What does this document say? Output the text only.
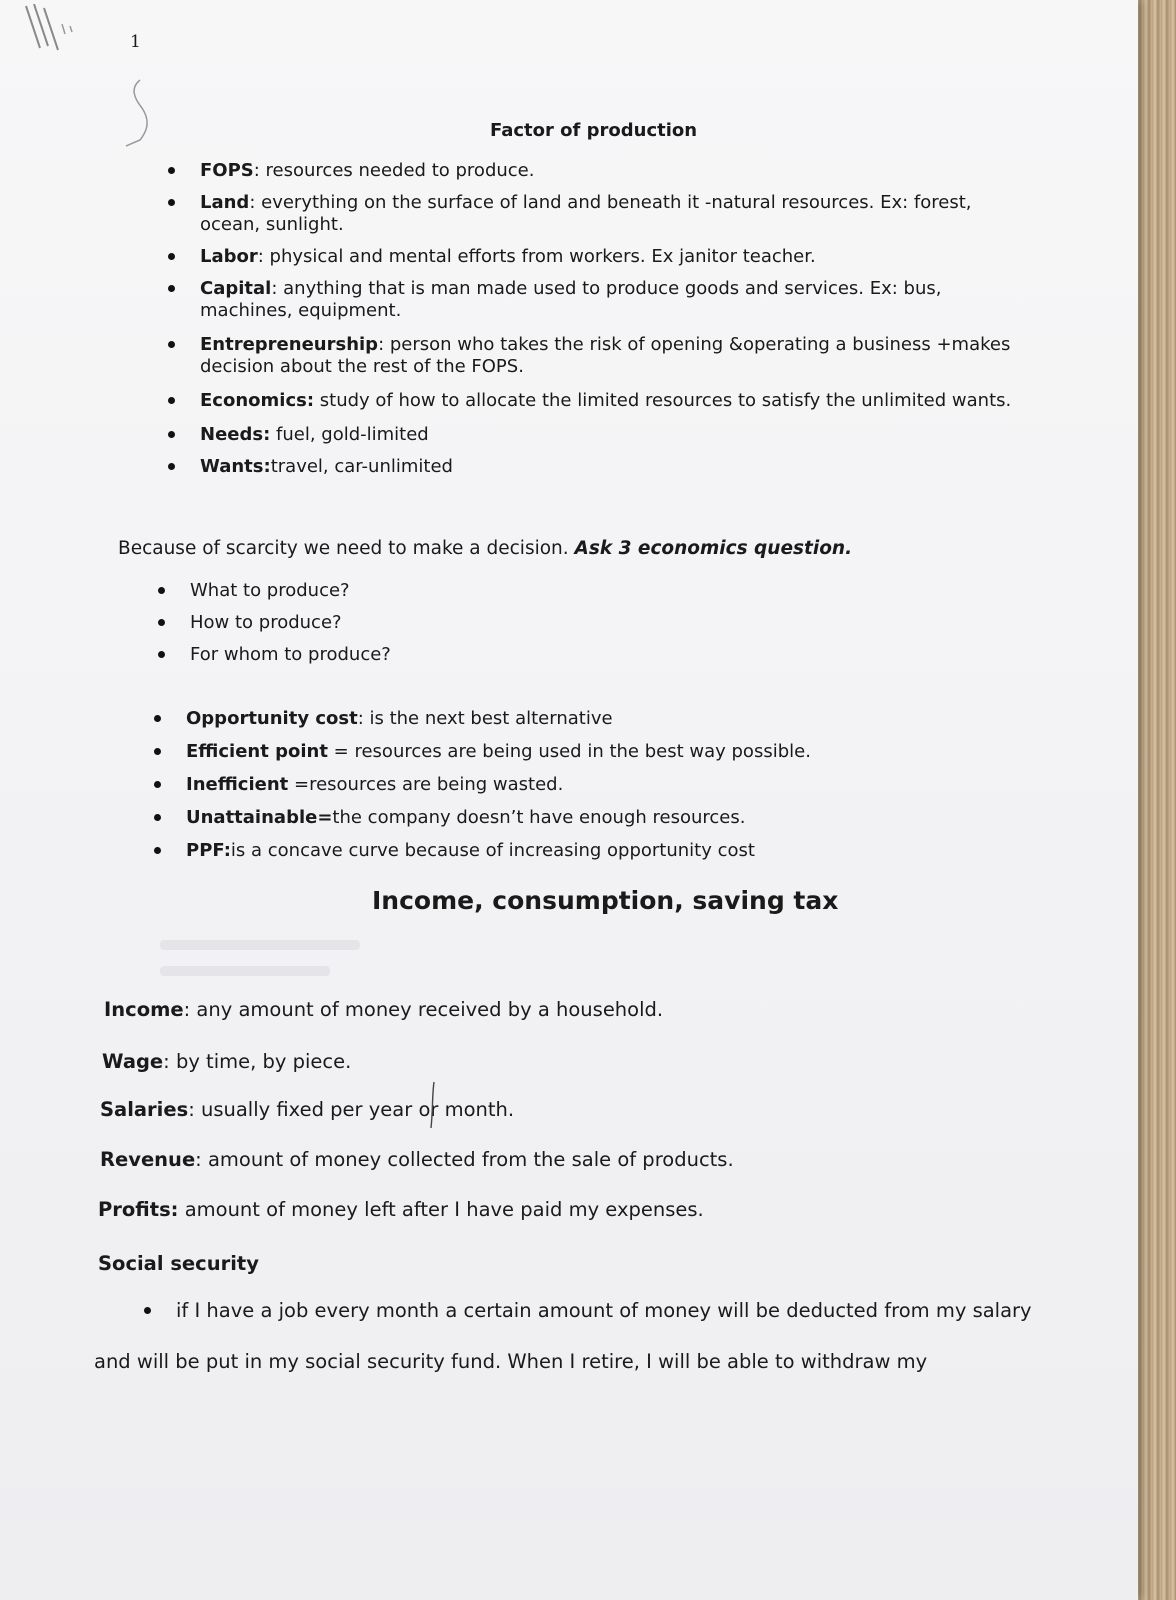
1
Factor of production
FOPS: resources needed to produce.
Land: everything on the surface of land and beneath it -natural resources. Ex: forest, ocean, sunlight.
Labor: physical and mental efforts from workers. Ex janitor teacher.
Capital: anything that is man made used to produce goods and services. Ex: bus, machines, equipment.
Entrepreneurship: person who takes the risk of opening &operating a business +makes decision about the rest of the FOPS.
Economics: study of how to allocate the limited resources to satisfy the unlimited wants.
Needs: fuel, gold-limited
Wants:travel, car-unlimited
Because of scarcity we need to make a decision. Ask 3 economics question.
What to produce?
How to produce?
For whom to produce?
Opportunity cost: is the next best alternative
Efficient point = resources are being used in the best way possible.
Inefficient =resources are being wasted.
Unattainable=the company doesn’t have enough resources.
PPF:is a concave curve because of increasing opportunity cost
Income, consumption, saving tax
Income: any amount of money received by a household.
Wage: by time, by piece.
Salaries: usually fixed per year or month.
Revenue: amount of money collected from the sale of products.
Profits: amount of money left after I have paid my expenses.
Social security
if I have a job every month a certain amount of money will be deducted from my salary
and will be put in my social security fund. When I retire, I will be able to withdraw my
